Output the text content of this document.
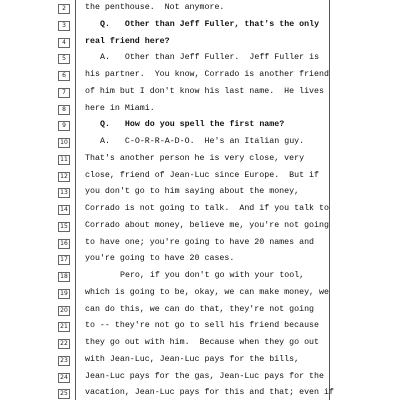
2
3
4
5
6
7
8
9
10
11
12
13
14
15
16
17
18
19
20
21
22
23
24
25
the penthouse.  Not anymore.
Q.   Other than Jeff Fuller, that's the only
real friend here?
A.   Other than Jeff Fuller.  Jeff Fuller is
his partner.  You know, Corrado is another friend
of him but I don't know his last name.  He lives
here in Miami.
Q.   How do you spell the first name?
A.   C-O-R-R-A-D-O.  He's an Italian guy.
That's another person he is very close, very
close, friend of Jean-Luc since Europe.  But if
you don't go to him saying about the money,
Corrado is not going to talk.  And if you talk to
Corrado about money, believe me, you're not going
to have one; you're going to have 20 names and
you're going to have 20 cases.
Pero, if you don't go with your tool,
which is going to be, okay, we can make money, we
can do this, we can do that, they're not going
to -- they're not go to sell his friend because
they go out with him.  Because when they go out
with Jean-Luc, Jean-Luc pays for the bills,
Jean-Luc pays for the gas, Jean-Luc pays for the
vacation, Jean-Luc pays for this and that; even if
